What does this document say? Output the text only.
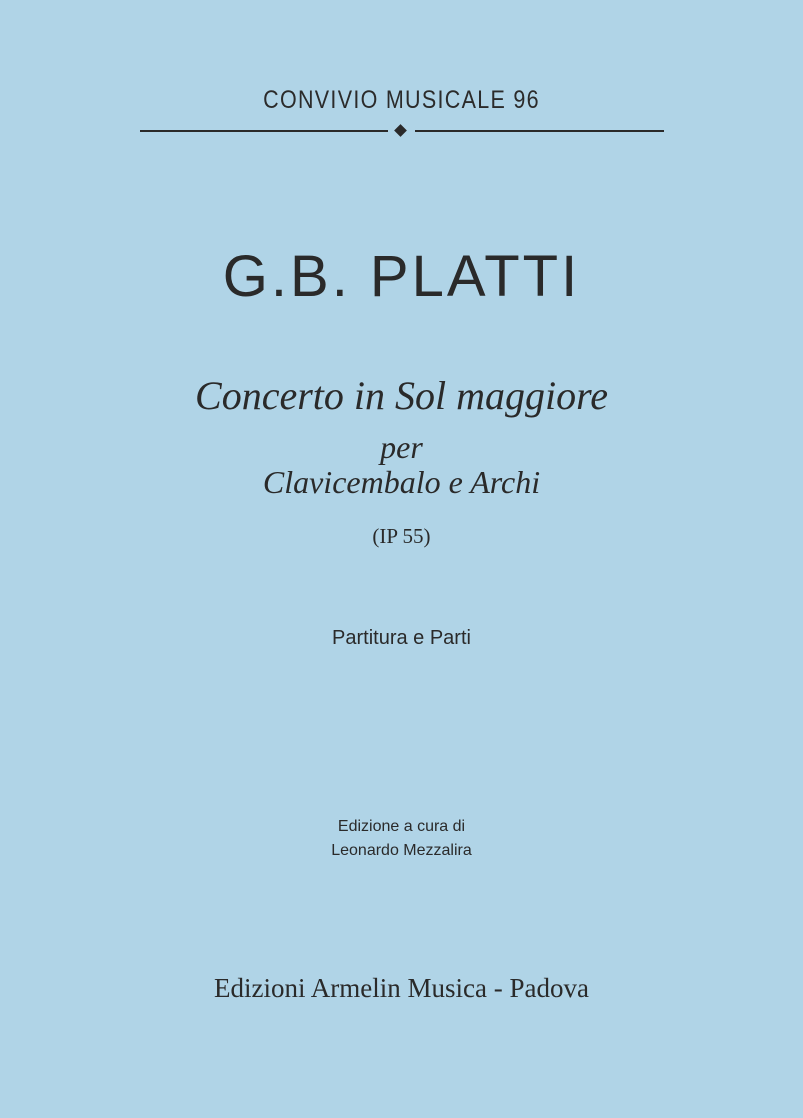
CONVIVIO MUSICALE 96
G.B. PLATTI
Concerto in Sol maggiore
per
Clavicembalo e Archi
(IP 55)
Partitura e Parti
Edizione a cura di
Leonardo Mezzalira
Edizioni Armelin Musica - Padova
